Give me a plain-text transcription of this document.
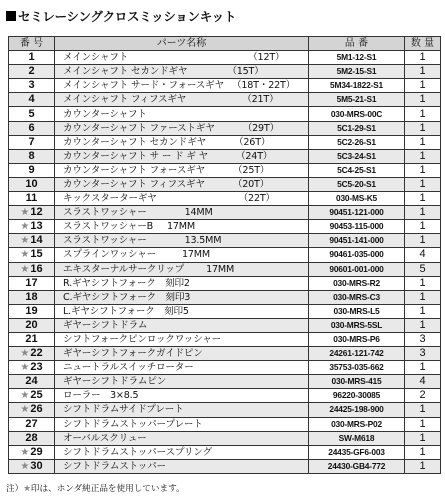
セミレーシングクロスミッションキット
番 号	パーツ名称	品 番	数 量
1	メインシャフト （12T）	5M1-12-S1	1
2	メインシャフト セカンドギヤ （15T）	5M2-15-S1	1
3	メインシャフト サード・フォースギヤ （18T・22T）	5M34-1822-S1	1
4	メインシャフト フィフスギヤ （21T）	5M5-21-S1	1
5	カウンターシャフト	030-MRS-00C	1
6	カウンターシャフト ファーストギヤ （29T）	5C1-29-S1	1
7	カウンターシャフト セカンドギヤ （26T）	5C2-26-S1	1
8	カウンターシャフト サ ー ド ギ ヤ （24T）	5C3-24-S1	1
9	カウンターシャフト フォースギヤ （25T）	5C4-25-S1	1
10	カウンターシャフト フィフスギヤ （20T）	5C5-20-S1	1
11	キックスターターギヤ （22T）	030-MS-K5	1
★12	スラストワッシャー 14MM	90451-121-000	1
★13	スラストワッシャーB 17MM	90453-115-000	1
★14	スラストワッシャー 13.5MM	90451-141-000	1
★15	スプラインワッシャー 17MM	90461-035-000	4
★16	エキスターナルサークリップ 17MM	90601-001-000	5
17	R.ギヤシフトフォーク　刻印2	030-MRS-R2	1
18	C.ギヤシフトフォーク　刻印3	030-MRS-C3	1
19	L.ギヤシフトフォーク　刻印5	030-MRS-L5	1
20	ギヤーシフトドラム	030-MRS-5SL	1
21	シフトフォークピンロックワッシャー	030-MRS-P6	3
★22	ギヤーシフトフォークガイドピン	24261-121-742	3
★23	ニュートラルスイッチローター	35753-035-662	1
24	ギヤーシフトドラムピン	030-MRS-415	4
★25	ローラー　3×8.5	96220-30085	2
★26	シフトドラムサイドプレート	24425-198-900	1
27	シフトドラムストッパープレート	030-MRS-P02	1
28	オーバルスクリュー	SW-M618	1
★29	シフトドラムストッパースプリング	24435-GF6-003	1
★30	シフトドラムストッパー	24430-GB4-772	1
注）★印は、ホンダ純正品を使用しています。
